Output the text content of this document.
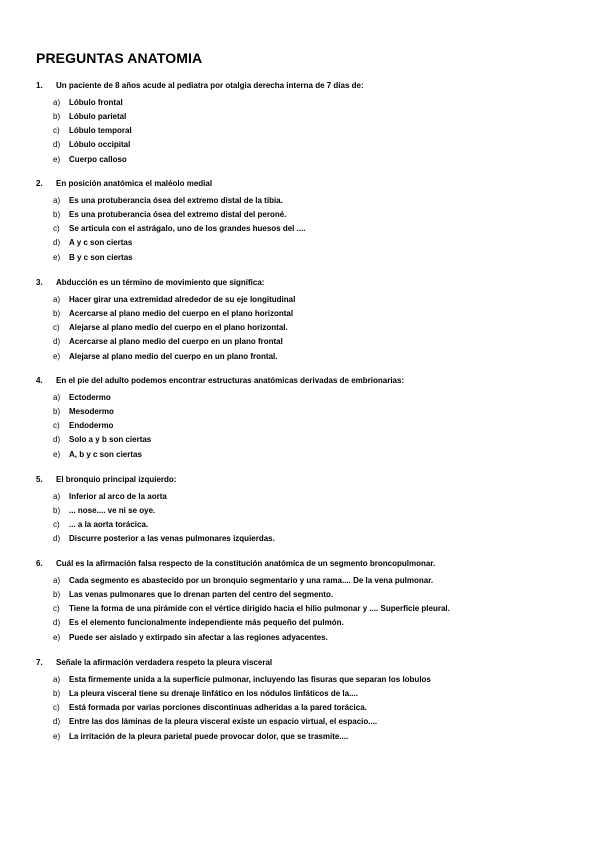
PREGUNTAS ANATOMIA
1.	Un paciente de 8 años acude al pediatra por otalgia derecha interna de 7 días de:
a)	Lóbulo frontal
b)	Lóbulo parietal
c)	Lóbulo temporal
d)	Lóbulo occipital
e)	Cuerpo calloso
2.	En posición anatómica el maléolo medial
a)	Es una protuberancia ósea del extremo distal de la tibia.
b)	Es una protuberancia ósea del extremo distal del peroné.
c)	Se articula con el astrágalo, uno de los grandes huesos del ....
d)	A y c son ciertas
e)	B y c son ciertas
3.	Abducción es un término de movimiento que significa:
a)	Hacer girar una extremidad alrededor de su eje longitudinal
b)	Acercarse al plano medio del cuerpo en el plano horizontal
c)	Alejarse al plano medio del cuerpo en el plano horizontal.
d)	Acercarse al plano medio del cuerpo en un plano frontal
e)	Alejarse al plano medio del cuerpo en un plano frontal.
4.	En el pie del adulto podemos encontrar estructuras anatómicas derivadas de embrionarias:
a)	Ectodermo
b)	Mesodermo
c)	Endodermo
d)	Solo a y b son ciertas
e)	A, b y c son ciertas
5.	El bronquio principal izquierdo:
a)	Inferior al arco de la aorta
b)	... nose.... ve ni se oye.
c)	... a la aorta torácica.
d)	Discurre posterior a las venas pulmonares izquierdas.
6.	Cuál es la afirmación falsa respecto de la constitución anatómica de un segmento broncopulmonar.
a)	Cada segmento es abastecido por un bronquio segmentario y una rama.... De la vena pulmonar.
b)	Las venas pulmonares que lo drenan parten del centro del segmento.
c)	Tiene la forma de una pirámide con el vértice dirigido hacia el hilio pulmonar y .... Superficie pleural.
d)	Es el elemento funcionalmente independiente más pequeño del pulmón.
e)	Puede ser aislado y extirpado sin afectar a las regiones adyacentes.
7.	Señale la afirmación verdadera respeto la pleura visceral
a)	Esta firmemente unida a la superficie pulmonar, incluyendo las fisuras que separan los lobulos
b)	La pleura visceral tiene su drenaje linfático en los nódulos linfáticos de la....
c)	Está formada por varias porciones discontinuas adheridas a la pared torácica.
d)	Entre las dos láminas de la pleura visceral existe un espacio virtual, el espacio....
e)	La irritación de la pleura parietal puede provocar dolor, que se trasmite....
